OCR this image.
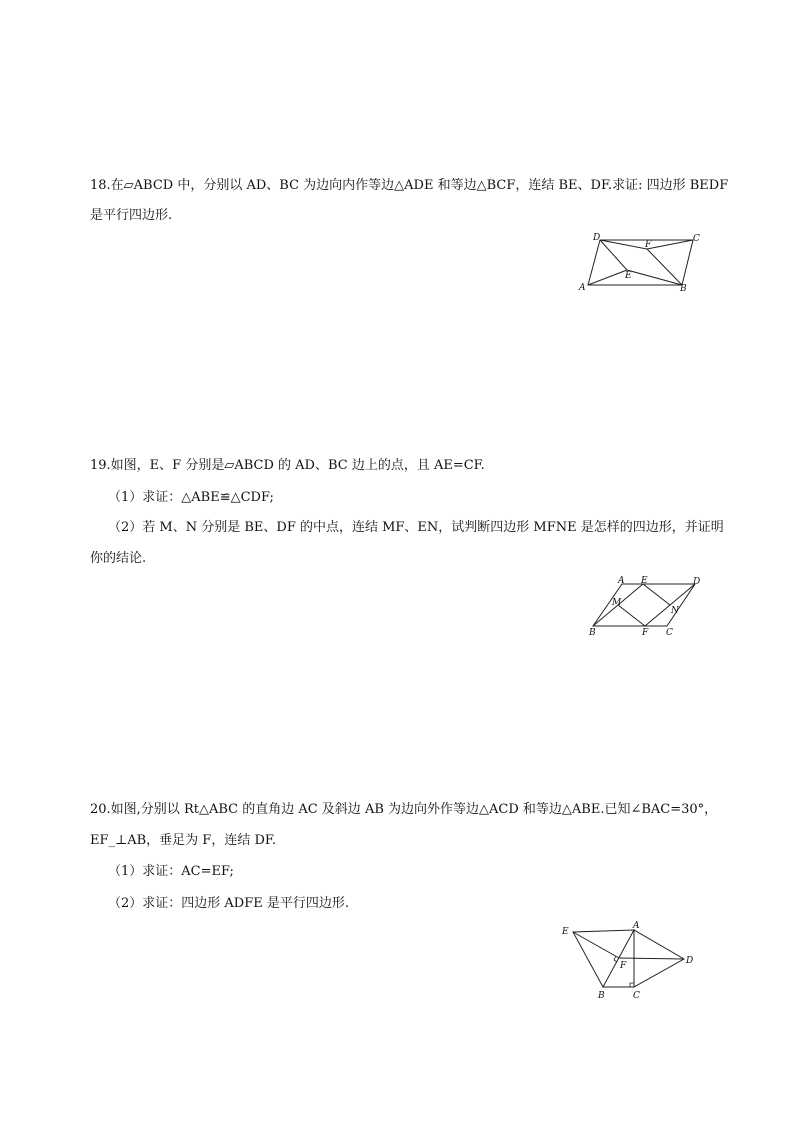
18.在▱ABCD 中，分别以 AD、BC 为边向内作等边△ADE 和等边△BCF，连结 BE、DF.求证: 四边形 BEDF
是平行四边形.
A	B
C
D
E
F
19.如图，E、F 分别是▱ABCD 的 AD、BC 边上的点，且 AE=CF.
（1）求证：△ABE≌△CDF;
（2）若 M、N 分别是 BE、DF 的中点，连结 MF、EN，试判断四边形 MFNE 是怎样的四边形，并证明
你的结论.
A E	D
M
N
B	F C
20.如图,分别以 Rt△ABC 的直角边 AC 及斜边 AB 为边向外作等边△ACD 和等边△ABE.已知∠BAC=30°，
EF_⊥AB，垂足为 F，连结 DF.
（1）求证：AC=EF;
（2）求证：四边形 ADFE 是平行四边形.
A
E
D
F
B	C
